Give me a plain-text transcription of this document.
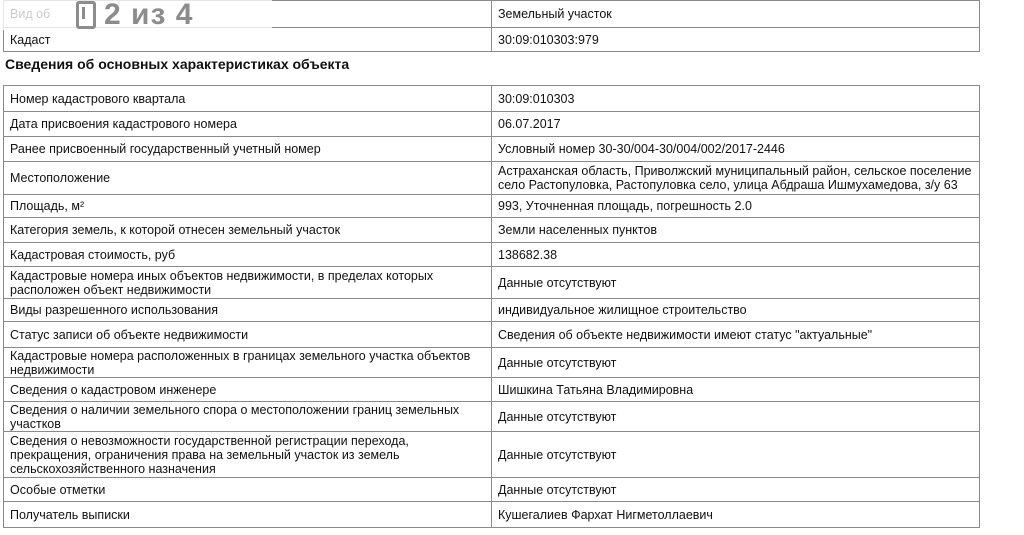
	Земельный участок
Кадаст	30:09:010303:979
Сведения об основных характеристиках объекта
Номер кадастрового квартала	30:09:010303
Дата присвоения кадастрового номера	06.07.2017
Ранее присвоенный государственный учетный номер	Условный номер 30-30/004-30/004/002/2017-2446
Местоположение	Астраханская область, Приволжский муниципальный район, сельское поселение село Растопуловка, Растопуловка село, улица Абдраша Ишмухамедова, з/у 63
Площадь, м²	993, Уточненная площадь, погрешность 2.0
Категория земель, к которой отнесен земельный участок	Земли населенных пунктов
Кадастровая стоимость, руб	138682.38
Кадастровые номера иных объектов недвижимости, в пределах которых расположен объект недвижимости	Данные отсутствуют
Виды разрешенного использования	индивидуальное жилищное строительство
Статус записи об объекте недвижимости	Сведения об объекте недвижимости имеют статус "актуальные"
Кадастровые номера расположенных в границах земельного участка объектов недвижимости	Данные отсутствуют
Сведения о кадастровом инженере	Шишкина Татьяна Владимировна
Сведения о наличии земельного спора о местоположении границ земельных участков	Данные отсутствуют
Сведения о невозможности государственной регистрации перехода, прекращения, ограничения права на земельный участок из земель сельскохозяйственного назначения	Данные отсутствуют
Особые отметки	Данные отсутствуют
Получатель выписки	Кушегалиев Фархат Нигметоллаевич
2 из 4
